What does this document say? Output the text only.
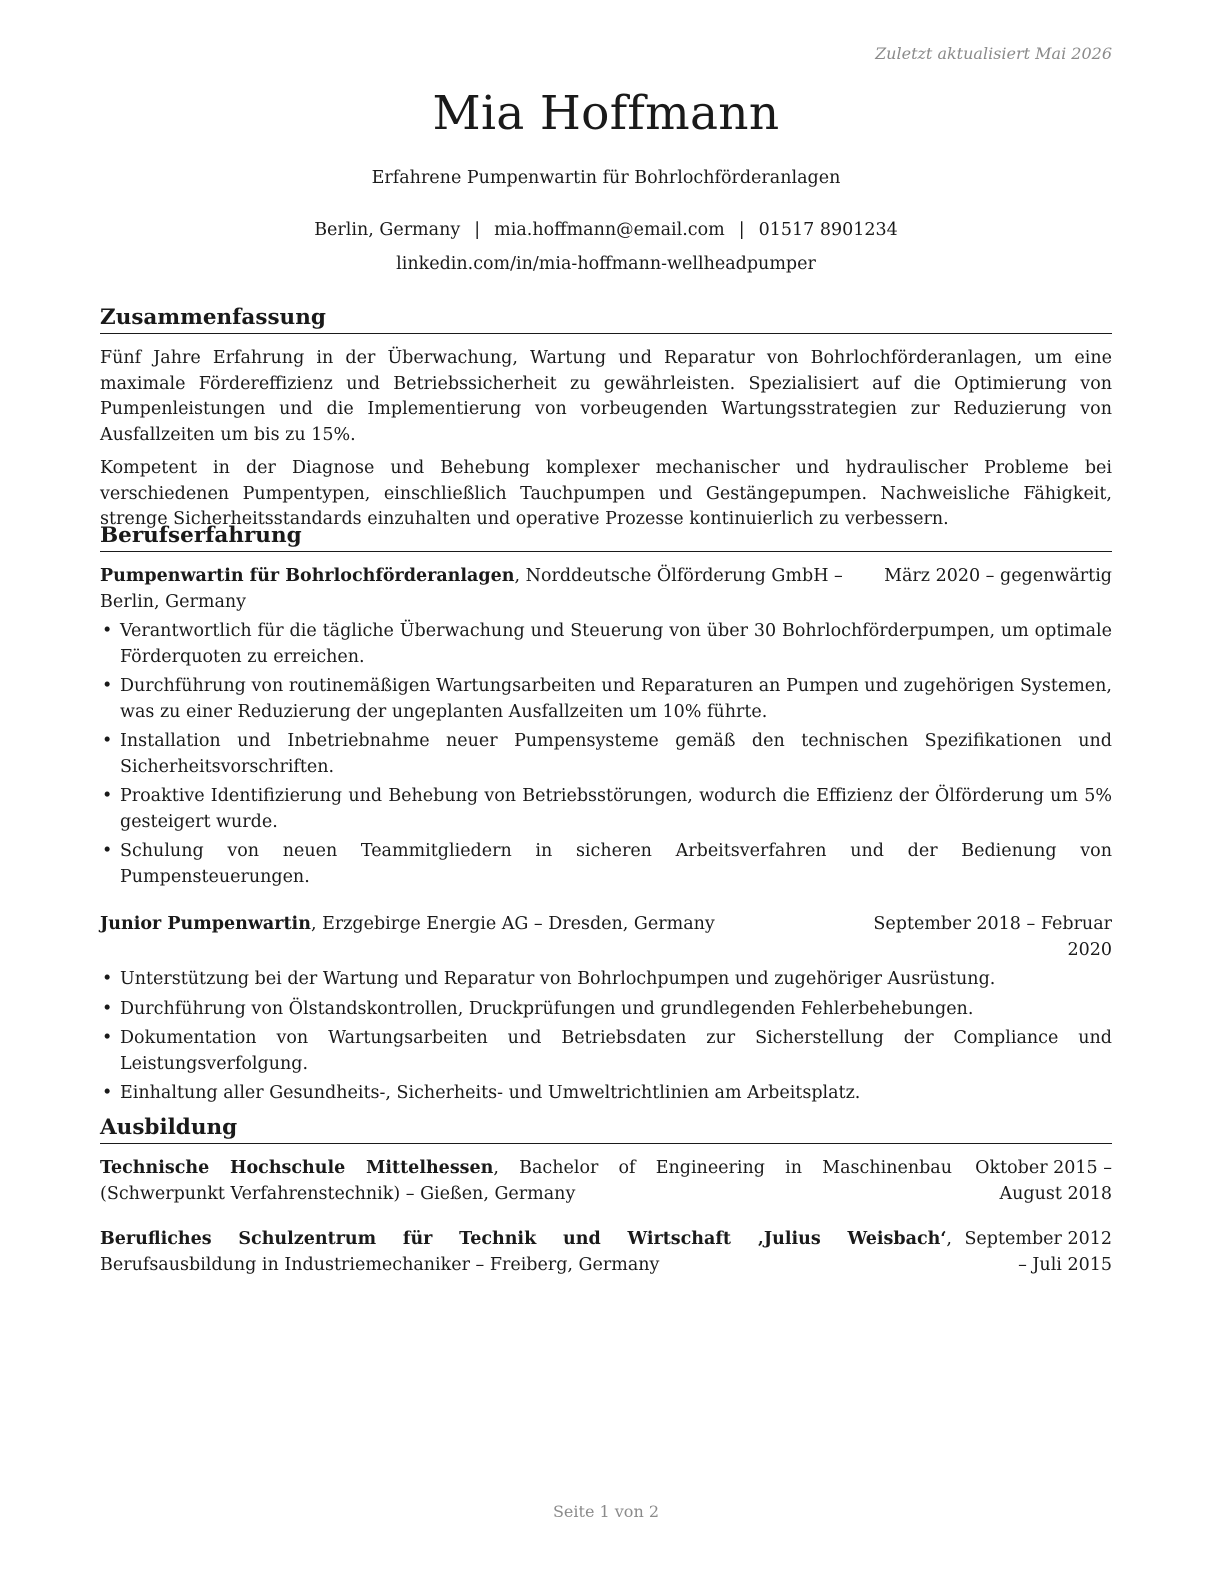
Zuletzt aktualisiert Mai 2026
Mia Hoffmann
Erfahrene Pumpenwartin für Bohrlochförderanlagen
Berlin, Germany | mia.hoffmann@email.com | 01517 8901234
linkedin.com/in/mia-hoffmann-wellheadpumper
Zusammenfassung

Fünf Jahre Erfahrung in der Überwachung, Wartung und Reparatur von Bohrlochförderanlagen, um eine maximale Fördereffizienz und Betriebssicherheit zu gewährleisten. Spezialisiert auf die Optimierung von Pumpenleistungen und die Implementierung von vorbeugenden Wartungsstrategien zur Reduzierung von Ausfallzeiten um bis zu 15%.

Kompetent in der Diagnose und Behebung komplexer mechanischer und hydraulischer Probleme bei verschiedenen Pumpentypen, einschließlich Tauchpumpen und Gestängepumpen. Nachweisliche Fähigkeit, strenge Sicherheitsstandards einzuhalten und operative Prozesse kontinuierlich zu verbessern.

Berufserfahrung
Pumpenwartin für Bohrlochförderanlagen, Norddeutsche Ölförderung GmbH – Berlin, Germany
März 2020 – gegenwärtig
• Verantwortlich für die tägliche Überwachung und Steuerung von über 30 Bohrlochförderpumpen, um optimale Förderquoten zu erreichen.
• Durchführung von routinemäßigen Wartungsarbeiten und Reparaturen an Pumpen und zugehörigen Systemen, was zu einer Reduzierung der ungeplanten Ausfallzeiten um 10% führte.
• Installation und Inbetriebnahme neuer Pumpensysteme gemäß den technischen Spezifikationen und Sicherheitsvorschriften.
• Proaktive Identifizierung und Behebung von Betriebsstörungen, wodurch die Effizienz der Ölförderung um 5% gesteigert wurde.
• Schulung von neuen Teammitgliedern in sicheren Arbeitsverfahren und der Bedienung von Pumpensteuerungen.
Junior Pumpenwartin, Erzgebirge Energie AG – Dresden, Germany	September 2018 – Februar 2020
• Unterstützung bei der Wartung und Reparatur von Bohrlochpumpen und zugehöriger Ausrüstung.
• Durchführung von Ölstandskontrollen, Druckprüfungen und grundlegenden Fehlerbehebungen.
• Dokumentation von Wartungsarbeiten und Betriebsdaten zur Sicherstellung der Compliance und Leistungsverfolgung.
• Einhaltung aller Gesundheits-, Sicherheits- und Umweltrichtlinien am Arbeitsplatz.
Ausbildung
Technische Hochschule Mittelhessen, Bachelor of Engineering in Maschinenbau (Schwerpunkt Verfahrenstechnik) – Gießen, Germany
Oktober 2015 – August 2018
Berufliches Schulzentrum für Technik und Wirtschaft ‚Julius Weisbach‘, Berufsausbildung in Industriemechaniker – Freiberg, Germany
September 2012 – Juli 2015
Seite 1 von 2
